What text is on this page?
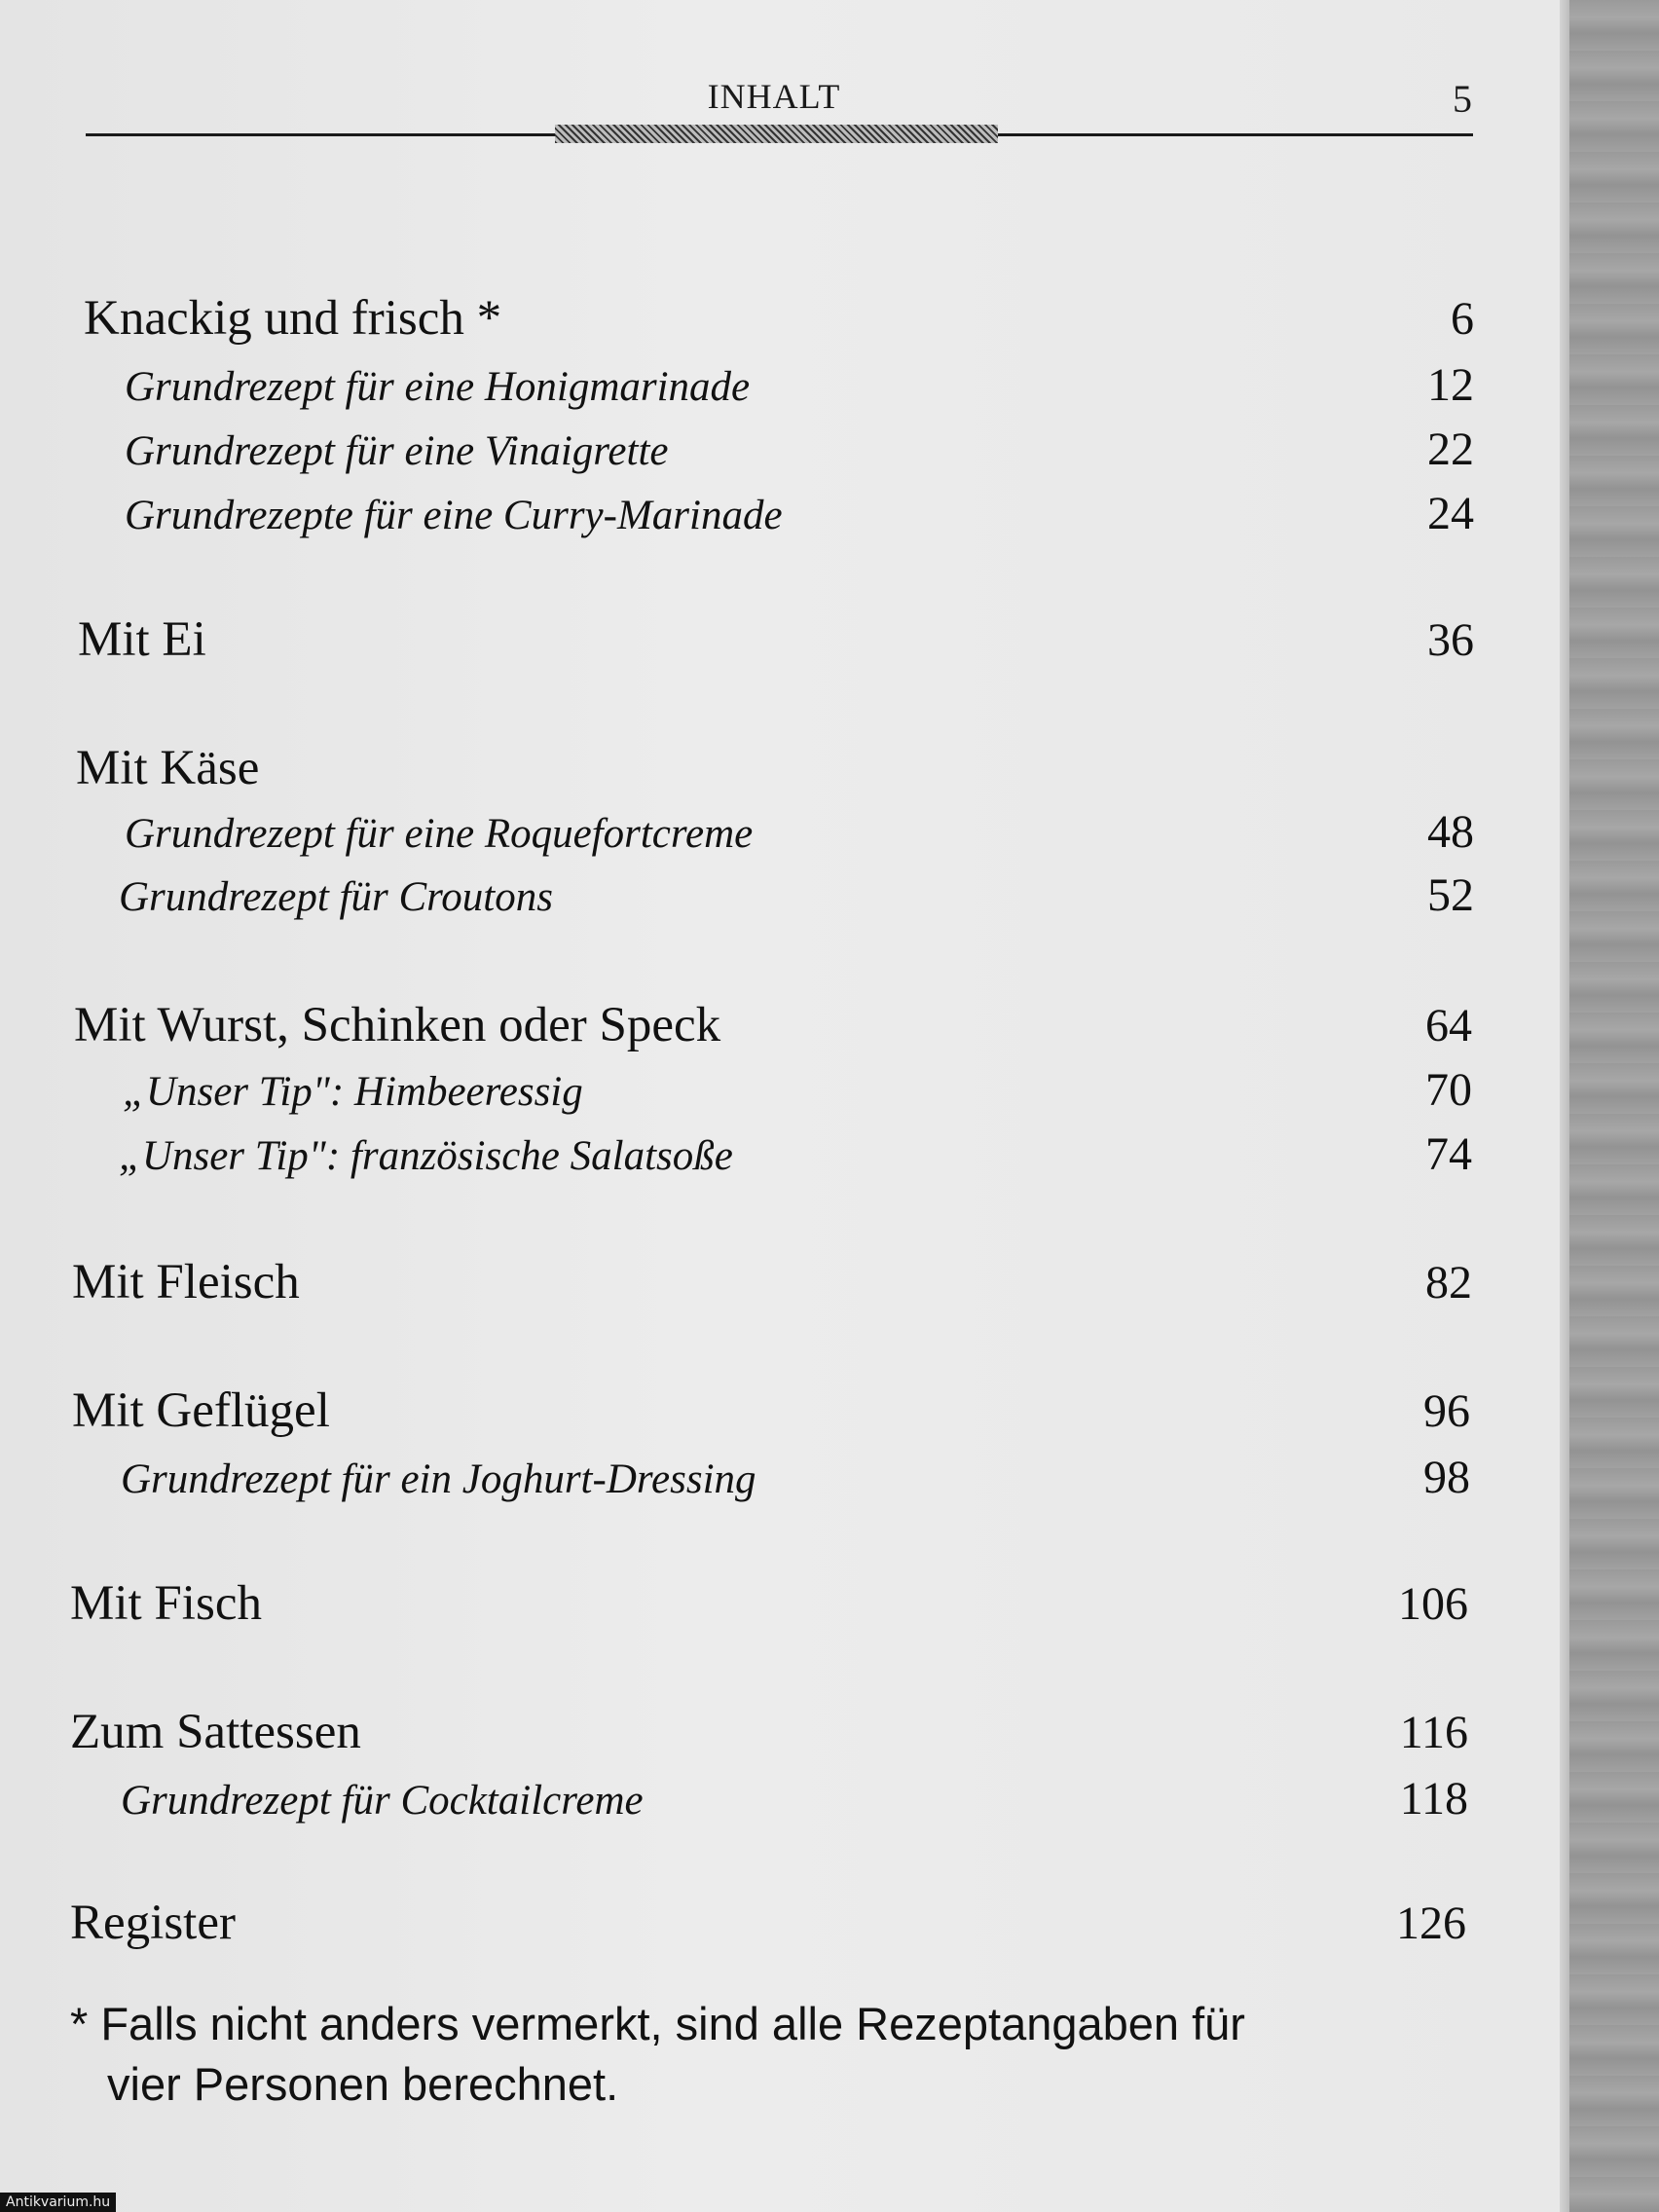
INHALT	5
Knackig und frisch *	6
Grundrezept für eine Honigmarinade	12
Grundrezept für eine Vinaigrette	22
Grundrezepte für eine Curry-Marinade	24
Mit Ei	36
Mit Käse
Grundrezept für eine Roquefortcreme	48
Grundrezept für Croutons	52
Mit Wurst, Schinken oder Speck	64
„Unser Tip": Himbeeressig	70
„Unser Tip": französische Salatsoße	74
Mit Fleisch	82
Mit Geflügel	96
Grundrezept für ein Joghurt-Dressing	98
Mit Fisch	106
Zum Sattessen	116
Grundrezept für Cocktailcreme	118
Register	126
* Falls nicht anders vermerkt, sind alle Rezeptangaben für
vier Personen berechnet.
Antikvarium.hu
